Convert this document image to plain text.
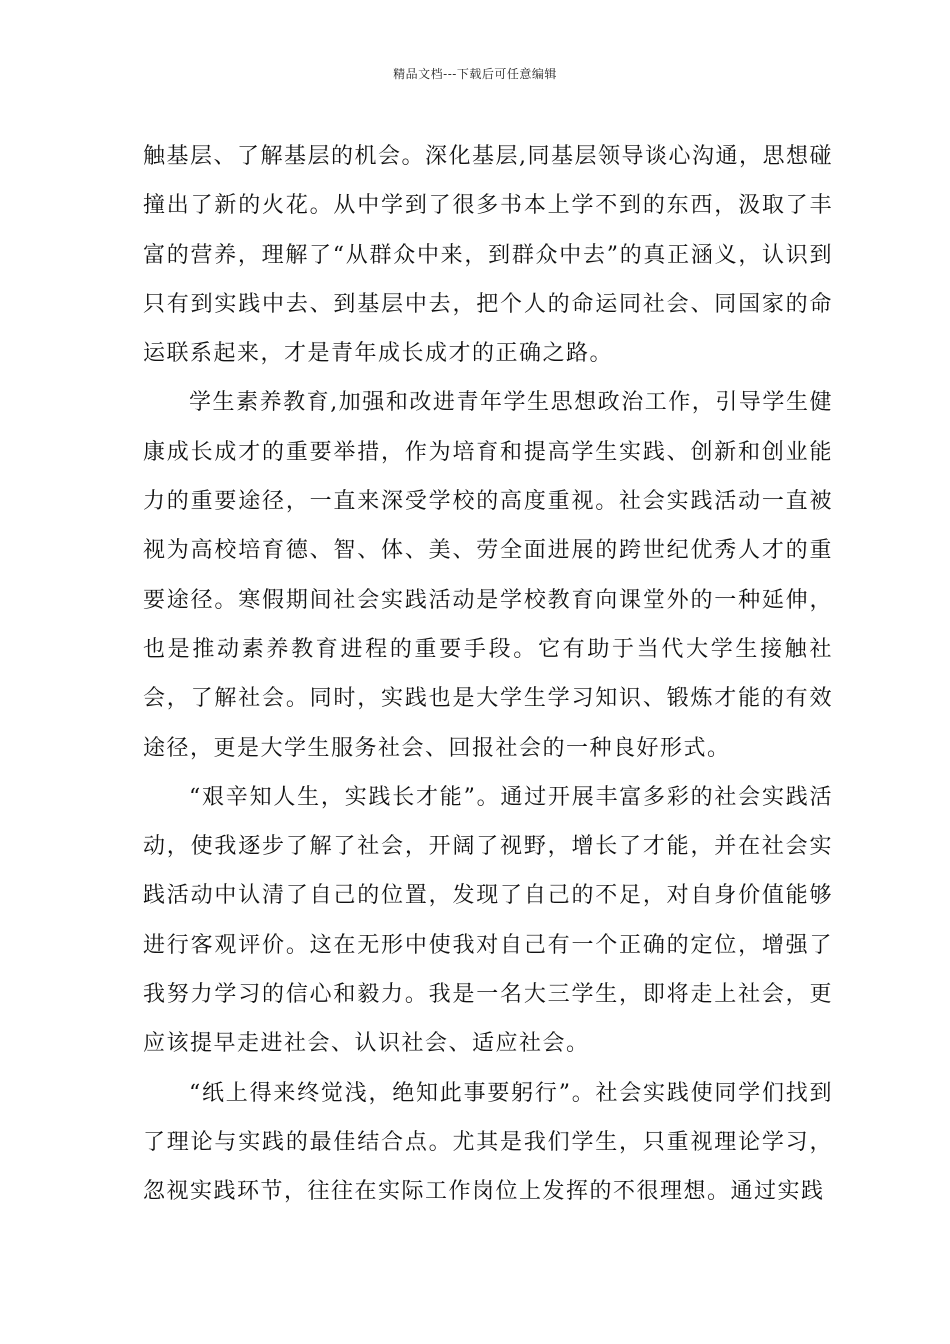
精品文档---下载后可任意编辑

触基层、了解基层的机会。深化基层,同基层领导谈心沟通，思想碰撞出了新的火花。从中学到了很多书本上学不到的东西，汲取了丰富的营养，理解了“从群众中来，到群众中去”的真正涵义，认识到只有到实践中去、到基层中去，把个人的命运同社会、同国家的命运联系起来，才是青年成长成才的正确之路。

学生素养教育,加强和改进青年学生思想政治工作，引导学生健康成长成才的重要举措，作为培育和提高学生实践、创新和创业能力的重要途径，一直来深受学校的高度重视。社会实践活动一直被视为高校培育德、智、体、美、劳全面进展的跨世纪优秀人才的重要途径。寒假期间社会实践活动是学校教育向课堂外的一种延伸，也是推动素养教育进程的重要手段。它有助于当代大学生接触社会，了解社会。同时，实践也是大学生学习知识、锻炼才能的有效途径，更是大学生服务社会、回报社会的一种良好形式。

“艰辛知人生，实践长才能”。通过开展丰富多彩的社会实践活动，使我逐步了解了社会，开阔了视野，增长了才能，并在社会实践活动中认清了自己的位置，发现了自己的不足，对自身价值能够进行客观评价。这在无形中使我对自己有一个正确的定位，增强了我努力学习的信心和毅力。我是一名大三学生，即将走上社会，更应该提早走进社会、认识社会、适应社会。

“纸上得来终觉浅，绝知此事要躬行”。社会实践使同学们找到了理论与实践的最佳结合点。尤其是我们学生，只重视理论学习，忽视实践环节，往往在实际工作岗位上发挥的不很理想。通过实践
